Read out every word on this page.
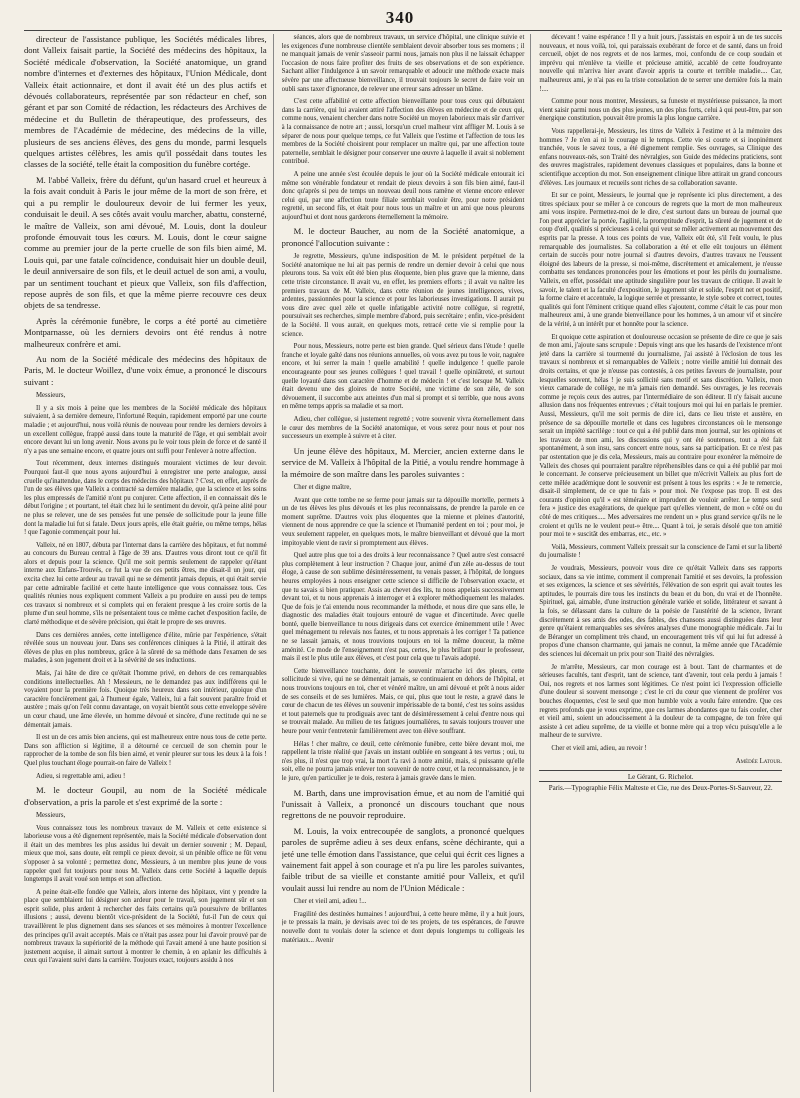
340

directeur de l'assistance publique, les Sociétés médicales libres, dont Valleix faisait partie, la Société des médecins des hôpitaux, la Société médicale d'observation, la Société anatomique, un grand nombre d'internes et d'externes des hôpitaux, l'Union Médicale, dont Valleix était actionnaire, et dont il avait été un des plus actifs et dévoués collaborateurs, représentée par son rédacteur en chef, son gérant et par son Comité de rédaction, les rédacteurs des Archives de médecine et du Bulletin de thérapeutique, des professeurs, des membres de l'Académie de médecine, des médecins de la ville, plusieurs de ses anciens élèves, des gens du monde, parmi lesquels quelques artistes célèbres, les amis qu'il possédait dans toutes les classes de la société, telle était la composition du funèbre cortége.

M. l'abbé Valleix, frère du défunt, qu'un hasard cruel et heureux à la fois avait conduit à Paris le jour même de la mort de son frère, et qui a pu remplir le douloureux devoir de lui fermer les yeux, conduisait le deuil. A ses côtés avait voulu marcher, abattu, consterné, le maître de Valleix, son ami dévoué, M. Louis, dont la douleur profonde émouvait tous les cœurs. M. Louis, dont le cœur saigne comme au premier jour de la perte cruelle de son fils bien aimé, M. Louis qui, par une fatale coïncidence, conduisait hier un double deuil, le deuil anniversaire de son fils, et le deuil actuel de son ami, a voulu, par un sentiment touchant et pieux que Valleix, son fils d'affection, repose auprès de son fils, et que la même pierre recouvre ces deux objets de sa tendresse.

Après la cérémonie funèbre, le corps a été porté au cimetière Montparnasse, où les derniers devoirs ont été rendus à notre malheureux confrère et ami.

Au nom de la Société médicale des médecins des hôpitaux de Paris, M. le docteur Woillez, d'une voix émue, a prononcé le discours suivant :

Messieurs,

Il y a six mois à peine que les membres de la Société médicale des hôpitaux suivaient, à sa dernière demeure, l'infortuné Requin, rapidement emporté par une courte maladie ; et aujourd'hui, nous voilà réunis de nouveau pour rendre les derniers devoirs à un excellent collègue, frappé aussi dans toute la maturité de l'âge, et qui semblait avoir encore devant lui un long avenir. Nous avons pu le voir tous plein de force et de santé il n'y a pas une semaine encore, et quatre jours ont suffi pour l'enlever à notre affection.

Tout récemment, deux internes distingués mouraient victimes de leur devoir. Pourquoi faut-il que nous ayons aujourd'hui à enregistrer une perte analogue, aussi cruelle qu'inattendue, dans le corps des médecins des hôpitaux ? C'est, en effet, auprès de l'un de ses élèves que Valleix a contracté sa dernière maladie, que la science et les soins les plus empressés de l'amitié n'ont pu conjurer. Cette affection, il en connaissait dès le début l'origine ; et pourtant, tel était chez lui le sentiment du devoir, qu'à peine alité pour ne plus se relever, une de ses pensées fut une pensée de sollicitude pour la jeune fille dont la maladie lui fut si fatale. Deux jours après, elle était guérie, ou même temps, hélas ! que l'agonie commençait pour lui.

Valleix, né en 1807, débuta par l'internat dans la carrière des hôpitaux, et fut nommé au concours du Bureau central à l'âge de 39 ans. D'autres vous diront tout ce qu'il fit alors et depuis pour la science. Qu'il me soit permis seulement de rappeler qu'étant interne aux Enfans-Trouvés, ce fut la vue de ces petits êtres, me disait-il un jour, qui excita chez lui cette ardeur au travail qui ne se démentit jamais depuis, et qui était servie par cette admirable facilité et cette haute intelligence que vous connaissez tous. Ces qualités réunies nous expliquent comment Valleix a pu produire en aussi peu de temps ces travaux si nombreux et si complets qui en feraient presque à les croire sortis de la plume d'un seul homme, s'ils ne présentaient tous ce même cachet d'exposition facile, de clarté méthodique et de sévère précision, qui était le propre de ses œuvres.

Dans ces dernières années, cette intelligence d'élite, mûrie par l'expérience, s'était révélée sous un nouveau jour. Dans ses conférences cliniques à la Pitié, il attirait des élèves de plus en plus nombreux, grâce à la sûreté de sa méthode dans l'examen de ses malades, à son jugement droit et à la sévérité de ses inductions.

Mais, j'ai hâte de dire ce qu'était l'homme privé, en dehors de ces remarquables conditions intellectuelles. Ah ! Messieurs, ne le demandez pas aux indifférens qui le voyaient pour la première fois. Quoique très heureux dans son intérieur, quoique d'un caractère foncièrement gai, à l'humeur égale, Valleix, lui a fait souvent paraître froid et austère ; mais qu'on l'eût connu davantage, on voyait bientôt sous cette enveloppe sévère un cœur chaud, une âme élevée, un homme dévoué et sincère, d'une rectitude qui ne se démentait jamais.

Il est un de ces amis bien anciens, qui est malheureux entre nous tous de cette perte. Dans son affliction si légitime, il a détourné ce cercueil de son chemin pour le rapprocher de la tombe de son fils bien aimé, et venir pleurer sur tous les deux à la fois ! Quel plus touchant éloge pourrait-on faire de Valleix !

Adieu, si regrettable ami, adieu !

M. le docteur Goupil, au nom de la Société médicale d'observation, a pris la parole et s'est exprimé de la sorte :

Messieurs,

Vous connaissez tous les nombreux travaux de M. Valleix et cette existence si laborieuse vous a été dignement représentée, mais la Société médicale d'observation dont il était un des membres les plus assidus lui devait un dernier souvenir ; M. Depaul, mieux que moi, sans doute, eût rempli ce pieux devoir, si un pénible office ne fût venu s'opposer à sa volonté ; permettez donc, Messieurs, à un membre plus jeune de vous rappeler quel fut toujours pour nous M. Valleix dans cette Société à laquelle depuis longtemps il avait voué son temps et son affection.

A peine était-elle fondée que Valleix, alors interne des hôpitaux, vint y prendre la place que semblaient lui désigner son ardeur pour le travail, son jugement sûr et son esprit solide, plus ardent à rechercher des faits certains qu'à poursuivre de brillantes illusions ; aussi, devenu bientôt vice-président de la Société, fut-il l'un de ceux qui travaillèrent le plus dignement dans ses séances et ses mémoires à montrer l'excellence des principes qu'il avait acceptés. Mais ce n'était pas assez pour lui d'avoir prouvé par de nombreux travaux la supériorité de la méthode qui l'avait amené à une haute position si justement acquise, il aimait surtout à montrer le chemin, à en aplanir les difficultés à ceux qui l'avaient suivi dans la carrière. Toujours exact, toujours assidu à nos

séances, alors que de nombreux travaux, un service d'hôpital, une clinique suivie et les exigences d'une nombreuse clientèle semblaient devoir absorber tous ses momens ; il ne manquait jamais de venir s'asseoir parmi nous, jamais non plus il ne laissait échapper l'occasion de nous faire profiter des fruits de ses observations et de son expérience. Sachant allier l'indulgence à un savoir remarquable et adoucir une méthode exacte mais sévère par une affectueuse bienveillance, il trouvait toujours le secret de faire voir un oubli sans taxer d'ignorance, de relever une erreur sans adresser un blâme.

C'est cette affabilité et cette affection bienveillante pour tous ceux qui débutaient dans la carrière, qui lui avaient attiré l'affection des élèves en médecine et de ceux qui, comme nous, venaient chercher dans notre Société un moyen laborieux mais sûr d'arriver à la connaissance de notre art ; aussi, lorsqu'un cruel malheur vint affliger M. Louis à se séparer de nous pour quelque temps, ce fut Valleix que l'estime et l'affection de tous les membres de la Société choisirent pour remplacer un maître qui, par une affection toute paternelle, semblait le désigner pour conserver une œuvre à laquelle il avait si noblement contribué.

A peine une année s'est écoulée depuis le jour où la Société médicale entourait ici même son vénérable fondateur et rendait de pieux devoirs à son fils bien aimé, faut-il donc qu'après si peu de temps un nouveau deuil nous ramène et vienne encore enlever celui qui, par une affection toute filiale semblait vouloir être, pour notre président regretté, un second fils, et était pour nous tous un maître et un ami que nous pleurons aujourd'hui et dont nous garderons éternellement la mémoire.

M. le docteur Baucher, au nom de la Société anatomique, a prononcé l'allocution suivante :

Je regrette, Messieurs, qu'une indisposition de M. le président perpétuel de la Société anatomique ne lui ait pas permis de rendre un dernier devoir à celui que nous pleurons tous. Sa voix eût été bien plus éloquente, bien plus grave que la mienne, dans cette triste circonstance. Il avait vu, en effet, les premiers efforts ; il avait vu naître les premiers travaux de M. Valleix, dans cette réunion de jeunes intelligences, vives, ardentes, passionnées pour la science et pour les laborieuses investigations. Il aurait pu vous dire avec quel zèle et quelle infatigable activité notre collègue, si regretté, poursuivait ses recherches, simple membre d'abord, puis secrétaire ; enfin, vice-président de la Société. Il vous aurait, en quelques mots, retracé cette vie si remplie pour la science.

Pour nous, Messieurs, notre perte est bien grande. Quel sérieux dans l'étude ! quelle franche et loyale gaîté dans nos réunions annuelles, où vous avez pu tous le voir, naguère encore, et lui serrer la main ! quelle amabilité ! quelle indulgence ! quelle parole encourageante pour ses jeunes collègues ! quel travail ! quelle opiniâtreté, et surtout quelle loyauté dans son caractère d'homme et de médecin ! et c'est lorsque M. Valleix était devenu une des gloires de notre Société, une victime de son zèle, de son dévouement, il succombe aux atteintes d'un mal si prompt et si terrible, que nous avons en même temps appris sa maladie et sa mort.

Adieu, cher collègue, si justement regretté ; votre souvenir vivra éternellement dans le cœur des membres de la Société anatomique, et vous serez pour nous et pour nos successeurs un exemple à suivre et à citer.

Un jeune élève des hôpitaux, M. Mercier, ancien externe dans le service de M. Valleix à l'hôpital de la Pitié, a voulu rendre hommage à la mémoire de son maître dans les paroles suivantes :

Cher et digne maître,

Avant que cette tombe ne se ferme pour jamais sur ta dépouille mortelle, permets à un de tes élèves les plus dévoués et les plus reconnaissans, de prendre la parole en ce moment suprême. D'autres voix plus éloquentes que la mienne et pleines d'autorité, viennent de nous apprendre ce que la science et l'humanité perdent en toi ; pour moi, je veux seulement rappeler, en quelques mots, le maître bienveillant et dévoué que la mort impitoyable vient de ravir si promptement aux élèves.

Quel autre plus que toi a des droits à leur reconnaissance ? Quel autre s'est consacré plus complètement à leur instruction ? Chaque jour, animé d'un zèle au-dessus de tout éloge, à cause de son sublime désintéressement, tu venais passer, à l'hôpital, de longues heures employées à nous enseigner cette science si difficile de l'observation exacte, et que tu savais si bien pratiquer. Assis au chevet des lits, tu nous appelais successivement devant toi, et tu nous apprenais à interroger et à explorer méthodiquement les malades. Que de fois je t'ai entendu nous recommander la méthode, et nous dire que sans elle, le diagnostic des maladies était toujours entouré de vague et d'incertitude. Avec quelle bonté, quelle bienveillance tu nous dirigeais dans cet exercice éminemment utile ! Avec quel ménagement tu relevais nos fautes, et tu nous apprenais à les corriger ! Ta patience ne se lassait jamais, et nous trouvions toujours en toi la même douceur, la même aménité. Ce mode de l'enseignement n'est pas, certes, le plus brillant pour le professeur, mais il est le plus utile aux élèves, et c'est pour cela que tu l'avais adopté.

Cette bienveillance touchante, dont le souvenir m'arrache ici des pleurs, cette sollicitude si vive, qui ne se démentait jamais, se continuaient en dehors de l'hôpital, et nous trouvions toujours en toi, cher et vénéré maître, un ami dévoué et prêt à nous aider de ses conseils et de ses lumières. Mais, ce qui, plus que tout le reste, a gravé dans le cœur de chacun de tes élèves un souvenir impérissable de ta bonté, c'est tes soins assidus et tout paternels que tu prodiguais avec tant de désintéressement à celui d'entre nous qui se trouvait malade. Au milieu de tes fatigues journalières, tu savais toujours trouver une heure pour venir t'entretenir familièrement avec ton élève souffrant.

Hélas ! cher maître, ce deuil, cette cérémonie funèbre, cette bière devant moi, me rappellent la triste réalité que j'avais un instant oubliée en songeant à tes vertus ; oui, tu n'es plus, il n'est que trop vrai, la mort t'a ravi à notre amitié, mais, si puissante qu'elle soit, elle ne pourra jamais enlever ton souvenir de notre cœur, et la reconnaissance, je te le jure, qu'en particulier je te dois, restera à jamais gravée dans le mien.

M. Barth, dans une improvisation émue, et au nom de l'amitié qui l'unissait à Valleix, a prononcé un discours touchant que nous regrettons de ne pouvoir reproduire.

M. Louis, la voix entrecoupée de sanglots, a prononcé quelques paroles de suprême adieu à ses deux enfans, scène déchirante, qui a jeté une telle émotion dans l'assistance, que celui qui écrit ces lignes a vainement fait appel à son courage et n'a pu lire les paroles suivantes, faible tribut de sa vieille et constante amitié pour Valleix, et qu'il voulait aussi lui rendre au nom de l'Union Médicale :

Cher et vieil ami, adieu !...

Fragilité des destinées humaines ! aujourd'hui, à cette heure même, il y a huit jours, je te pressais la main, je devisais avec toi de tes projets, de tes espérances, de l'œuvre nouvelle dont tu voulais doter la science et dont depuis longtemps tu colligeais les matériaux... Avenir

décevant ! vaine espérance ! Il y a huit jours, j'assistais en espoir à un de tes succès nouveaux, et nous voilà, toi, qui paraissais exubérant de force et de santé, dans un froid cercueil, objet de nos regrets et de nos larmes, moi, confondu de ce coup soudain et imprévu qui m'enlève ta vieille et précieuse amitié, accablé de cette foudroyante nouvelle qui m'arriva hier avant d'avoir appris ta courte et terrible maladie.... Car, malheureux ami, je n'ai pas eu la triste consolation de te serrer une dernière fois la main !....

Comme pour nous montrer, Messieurs, sa funeste et mystérieuse puissance, la mort vient saisir parmi nous un des plus jeunes, un des plus forts, celui à qui peut-être, par son énergique constitution, pouvait être promis la plus longue carrière.

Vous rappellerai-je, Messieurs, les titres de Valleix à l'estime et à la mémoire des hommes ? Je n'en ai ni le courage ni le temps. Cette vie si courte et si inopinément tranchée, vous le savez tous, a été dignement remplie. Ses ouvrages, sa Clinique des enfans nouveaux-nés, son Traité des névralgies, son Guide des médecins praticiens, sont des œuvres magistrales, rapidement devenues classiques et populaires, dans la bonne et scientifique acception du mot. Son enseignement clinique libre attirait un grand concours d'élèves. Les journaux et recueils sont riches de sa collaboration savante.

Et sur ce point, Messieurs, le journal que je représente ici plus directement, a des titres spéciaux pour se mêler à ce concours de regrets que la mort de mon malheureux ami vous inspire. Permettez-moi de le dire, c'est surtout dans un bureau de journal que l'on peut apprécier la portée, l'agilité, la promptitude d'esprit, la sûreté de jugement et de coup d'œil, qualités si précieuses à celui qui veut se mêler activement au mouvement des esprits par la presse. A tous ces points de vue, Valleix eût été, s'il l'eût voulu, le plus remarquable des journalistes. Sa collaboration a été et elle eût toujours un élément certain de succès pour notre journal si d'autres devoirs, d'autres travaux ne l'eussent éloigné des labeurs de la presse, si moi-même, discrètement et amicalement, je n'eusse combattu ses tendances prononcées pour les émotions et pour les périls du journalisme. Valleix, en effet, possédait une aptitude singulière pour les travaux de critique. Il avait le savoir, le talent et la faculté d'exposition, le jugement sûr et solide, l'esprit net et positif, la forme claire et accentuée, la logique serrée et pressante, le style sobre et correct, toutes qualités qui font l'éminent critique quand elles s'ajoutent, comme c'était le cas pour mon malheureux ami, à une grande bienveillance pour les hommes, à un amour vif et sincère de la vérité, à un intérêt pur et honnête pour la science.

Et quoique cette aspiration et douloureuse occasion se présente de dire ce que je sais de mon ami, j'ajoute sans scrupule : Depuis vingt ans que les hasards de l'existence m'ont jeté dans la carrière si tourmenté du journalisme, j'ai assisté à l'éclosion de tous les travaux si nombreux et si remarquables de Valleix ; notre vieille amitié lui donnait des droits certains, et que je n'eusse pas contestés, à ces petites faveurs de journaliste, pour lesquelles souvent, hélas ! je suis sollicité sans motif et sans discrétion. Valleix, mon vieux camarade de collège, ne m'a jamais rien demandé. Ses ouvrages, je les recevais comme je reçois ceux des autres, par l'intermédiaire de son éditeur. Il n'y faisait aucune allusion dans nos fréquentes entrevues ; c'était toujours moi qui lui en parlais le premier. Aussi, Messieurs, qu'il me soit permis de dire ici, dans ce lieu triste et austère, en présence de sa dépouille mortelle et dans ces lugubres circonstances où le mensonge serait un impiété sacrilège : tout ce qui a été publié dans mon journal, sur les opinions et les travaux de mon ami, les discussions qui y ont été soutenues, tout a été fait spontanément, à son insu, sans concert entre nous, sans sa participation. Et ce n'est pas par ostentation que je dis cela, Messieurs, mais au contraire pour exonérer la mémoire de Valleix des choses qui pourraient paraître répréhensibles dans ce qui a été publié par moi le concernant. Je conserve précieusement un billet que m'écrivit Valleix au plus fort de cette mêlée académique dont le souvenir est présent à tous les esprits : « Je te remercie, disait-il simplement, de ce que tu fais » pour moi. Ne t'expose pas trop. Il est des courants d'opinion qu'il » est téméraire et imprudent de vouloir arrêter. Le temps seul fera » justice des exagérations, de quelque part qu'elles viennent, de mon » côté ou du côté de mes critiques..... Mes adversaires me rendent un » plus grand service qu'ils ne le croient et qu'ils ne le veulent peut-» être.... Quant à toi, je serais désolé que ton amitié pour moi te » suscitât des embarras, etc., etc. »

Voilà, Messieurs, comment Valleix pressait sur la conscience de l'ami et sur la liberté du journaliste !

Je voudrais, Messieurs, pouvoir vous dire ce qu'était Valleix dans ses rapports sociaux, dans sa vie intime, comment il comprenait l'amitié et ses devoirs, la profession et ses exigences, la science et ses sévérités, l'élévation de son esprit qui avait toutes les aptitudes, le pourrais dire tous les instincts du beau et du bon, du vrai et de l'honnête. Spirituel, gai, aimable, d'une instruction générale variée et solide, littérateur et savant à la fois, se délassant dans la culture de la poésie de l'austérité de la science, livrant discrètement à ses amis des odes, des fables, des chansons aussi distinguées dans leur genre qu'étaient remarquables ses sévères analyses d'une monographie médicale. J'ai lu de Béranger un compliment très chaud, un encouragement très vif qui lui fut adressé à propos d'une chanson charmante, qui jamais ne connut, la même année que l'Académie des sciences lui décernait un prix pour son Traité des névralgies.

Je m'arrête, Messieurs, car mon courage est à bout. Tant de charmantes et de sérieuses facultés, tant d'esprit, tant de science, tant d'avenir, tout cela perdu à jamais ! Oui, nos regrets et nos larmes sont légitimes. Ce n'est point ici l'expression officielle d'une douleur si souvent mensonge ; c'est le cri du cœur que viennent de proférer vos bouches éloquentes, c'est le seul que mon humble voix a voulu faire entendre. Que ces regrets profonds que je vous exprime, que ces larmes abondantes que tu fais couler, cher et vieil ami, soient un adoucissement à la douleur de ta compagne, de ton frère qui assiste à cet adieu suprême, de ta vieille et bonne mère qui a trop vécu puisqu'elle a le malheur de te survivre.

Cher et vieil ami, adieu, au revoir !

Amédée Latour.

Le Gérant, G. Richelot.
Paris.—Typographie Félix Malteste et Cie, rue des Deux-Portes-St-Sauveur, 22.
